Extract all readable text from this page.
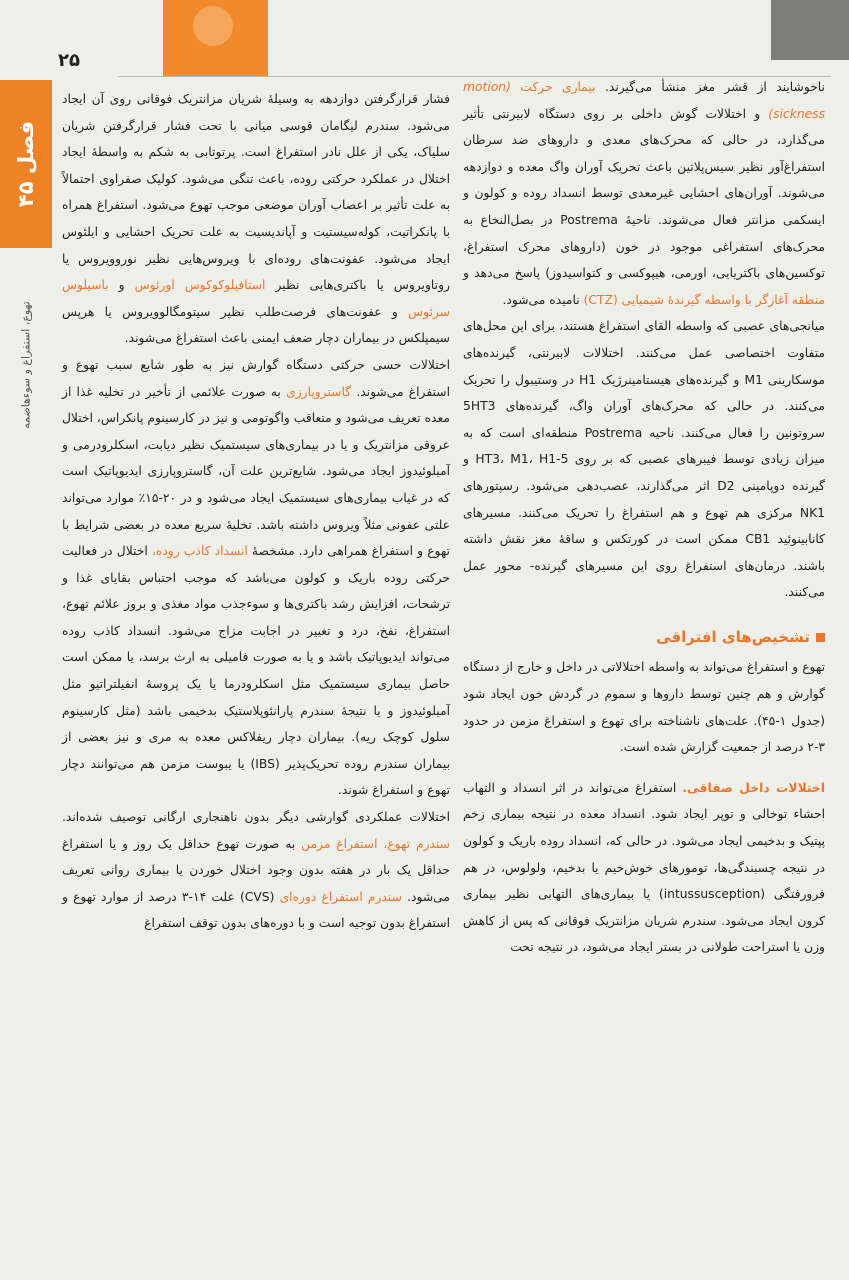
۲۵
فصل ۴۵
تهوع، استفراغ و سوءهاضمه

ناخوشایند از قشر مغز منشأ می‌گیرند. بیماری حرکت (motion sickness) و اختلالات گوش داخلی بر روی دستگاه لابیرنتی تأثیر می‌گذارد، در حالی که محرک‌های معدی و داروهای ضد سرطان استفراغ‌آور نظیر سیس‌پلاتین باعث تحریک آوران واگ معده و دوازدهه می‌شوند. آوران‌های احشایی غیرمعدی توسط انسداد روده و کولون و ایسکمی مزانتر فعال می‌شوند. ناحیهٔ Postrema در بصل‌النخاع به محرک‌های استفراغی موجود در خون (داروهای محرک استفراغ، توکسین‌های باکتریایی، اورمی، هیپوکسی و کتواسیدوز) پاسخ می‌دهد و منطقه آغازگر با واسطه گیرندهٔ شیمیایی (CTZ) نامیده می‌شود.

میانجی‌های عصبی که واسطه القای استفراغ هستند، برای این محل‌های متفاوت اختصاصی عمل می‌کنند. اختلالات لابیرنتی، گیرنده‌های موسکارینی M1 و گیرنده‌های هیستامینرژیک H1 در وستیبول را تحریک می‌کنند. در حالی که محرک‌های آوران واگ، گیرنده‌های 5HT3 سروتونین را فعال می‌کنند. ناحیه Postrema منطقه‌ای است که به میزان زیادی توسط فیبرهای عصبی که بر روی 5-HT3، M1، H1 و گیرنده دوپامینی D2 اثر می‌گذارند، عصب‌دهی می‌شود. رسپتورهای NK1 مرکزی هم تهوع و هم استفراغ را تحریک می‌کنند. مسیرهای کانابینوئید CB1 ممکن است در کورتکس و ساقهٔ مغز نقش داشته باشند. درمان‌های استفراغ روی این مسیرهای گیرنده- محور عمل می‌کنند.

تشخیص‌های افتراقی

تهوع و استفراغ می‌تواند به واسطه اختلالاتی در داخل و خارج از دستگاه گوارش و هم چنین توسط داروها و سموم در گردش خون ایجاد شود (جدول ۱-۴۵). علت‌های ناشناخته برای تهوع و استفراغ مزمن در حدود ۳-۲ درصد از جمعیت گزارش شده است.

اختلالات داخل صفاقی. استفراغ می‌تواند در اثر انسداد و التهاب احشاء توخالی و توپر ایجاد شود. انسداد معده در نتیجه بیماری زخم پپتیک و بدخیمی ایجاد می‌شود. در حالی که، انسداد روده باریک و کولون در نتیجه چسبندگی‌ها، تومورهای خوش‌خیم یا بدخیم، ولولوس، در هم فرورفتگی (intussusception) یا بیماری‌های التهابی نظیر بیماری کرون ایجاد می‌شود. سندرم شریان مزانتریک فوقانی که پس از کاهش وزن یا استراحت طولانی در بستر ایجاد می‌شود، در نتیجه تحت

فشار قرارگرفتن دوازدهه به وسیلهٔ شریان مزانتریک فوقانی روی آن ایجاد می‌شود. سندرم لیگامان قوسی میانی با تحت فشار قرارگرفتن شریان سلیاک، یکی از علل نادر استفراغ است. پرتوتابی به شکم به واسطهٔ ایجاد اختلال در عملکرد حرکتی روده، باعث تنگی می‌شود. کولیک صفراوی احتمالاً به علت تأثیر بر اعصاب آوران موضعی موجب تهوع می‌شود. استفراغ همراه با پانکراتیت، کوله‌سیستیت و آپاندیسیت به علت تحریک احشایی و ایلئوس ایجاد می‌شود. عفونت‌های روده‌ای با ویروس‌هایی نظیر نوروویروس یا روتاویروس یا باکتری‌هایی نظیر استافیلوکوکوس اورئوس و باسیلوس سرئوس و عفونت‌های فرصت‌طلب نظیر سیتومگالوویروس یا هرپس سیمپلکس در بیماران دچار ضعف ایمنی باعث استفراغ می‌شوند.

اختلالات حسی حرکتی دستگاه گوارش نیز به طور شایع سبب تهوع و استفراغ می‌شوند. گاستروپارزی به صورت علائمی از تأخیر در تخلیه غذا از معده تعریف می‌شود و متعاقب واگوتومی و نیز در کارسینوم پانکراس، اختلال عروقی مزانتریک و یا در بیماری‌های سیستمیک نظیر دیابت، اسکلرودرمی و آمیلوئیدوز ایجاد می‌شود. شایع‌ترین علت آن، گاستروپارزی ایدیوپاتیک است که در غیاب بیماری‌های سیستمیک ایجاد می‌شود و در ۲۰-۱۵٪ موارد می‌تواند علتی عفونی مثلاً ویروس داشته باشد. تخلیهٔ سریع معده در بعضی شرایط با تهوع و استفراغ همراهی دارد. مشخصهٔ انسداد کاذب روده، اختلال در فعالیت حرکتی روده باریک و کولون می‌باشد که موجب احتباس بقایای غذا و ترشحات، افزایش رشد باکتری‌ها و سوءجذب مواد مغذی و بروز علائم تهوع، استفراغ، نفخ، درد و تغییر در اجابت مزاج می‌شود. انسداد کاذب روده می‌تواند ایدیوپاتیک باشد و یا به صورت فامیلی به ارث برسد، یا ممکن است حاصل بیماری سیستمیک مثل اسکلرودرما یا یک پروسهٔ انفیلتراتیو مثل آمیلوئیدوز و یا نتیجهٔ سندرم پارانئوپلاستیک بدخیمی باشد (مثل کارسینوم سلول کوچک ریه). بیماران دچار ریفلاکس معده به مری و نیز بعضی از بیماران سندرم روده تحریک‌پذیر (IBS) یا یبوست مزمن هم می‌توانند دچار تهوع و استفراغ شوند.

اختلالات عملکردی گوارشی دیگر بدون ناهنجاری ارگانی توصیف شده‌اند. سندرم تهوع، استفراغ مزمن به صورت تهوع حداقل یک روز و یا استفراغ حداقل یک بار در هفته بدون وجود اختلال خوردن یا بیماری روانی تعریف می‌شود. سندرم استفراغ دوره‌ای (CVS) علت ۱۴-۳ درصد از موارد تهوع و استفراغ بدون توجیه است و با دوره‌های بدون توقف استفراغ
